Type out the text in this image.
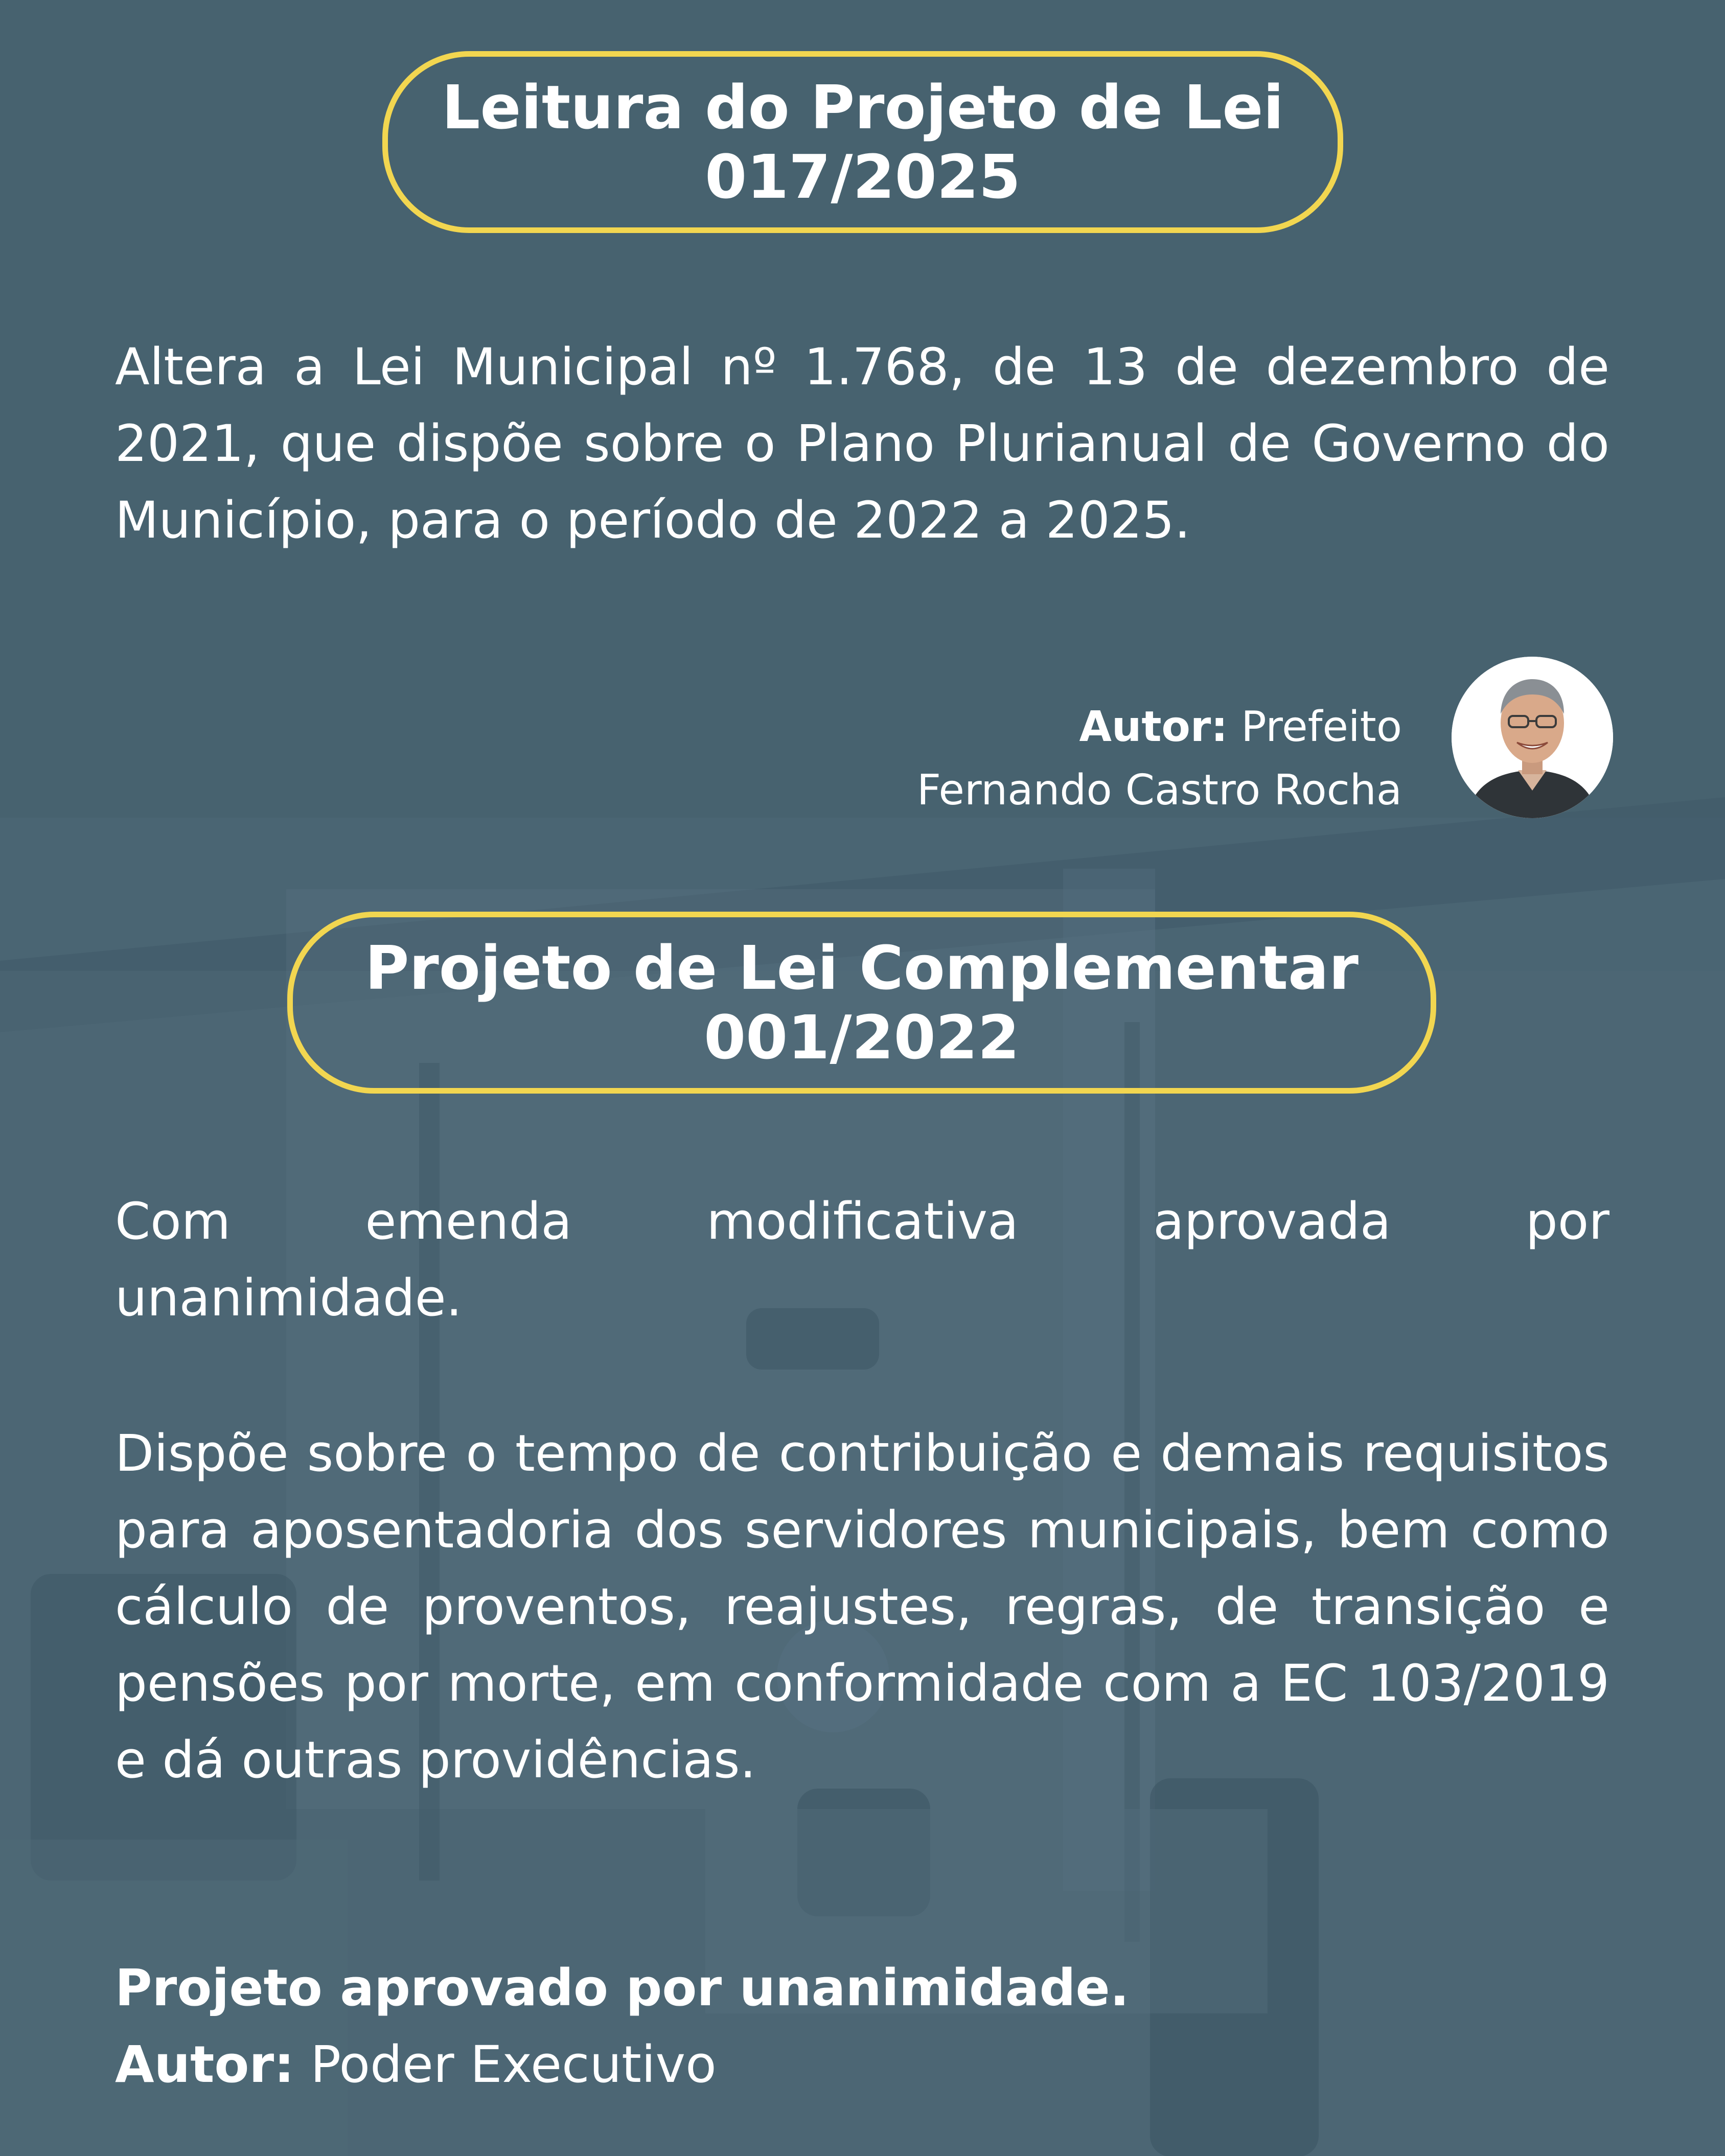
Leitura do Projeto de Lei
017/2025

Altera a Lei Municipal nº 1.768, de 13 de dezembro de 2021, que dispõe sobre o Plano Plurianual de Governo do Município, para o período de 2022 a 2025.

Autor: Prefeito
Fernando Castro Rocha
Projeto de Lei Complementar
001/2022
Com	emenda	modificativa	aprovada	por
unanimidade.

Dispõe sobre o tempo de contribuição e demais requisitos para aposentadoria dos servidores municipais, bem como cálculo de proventos, reajustes, regras, de transição e pensões por morte, em conformidade com a EC 103/2019 e dá outras providências.

Projeto aprovado por unanimidade.
Autor: Poder Executivo
